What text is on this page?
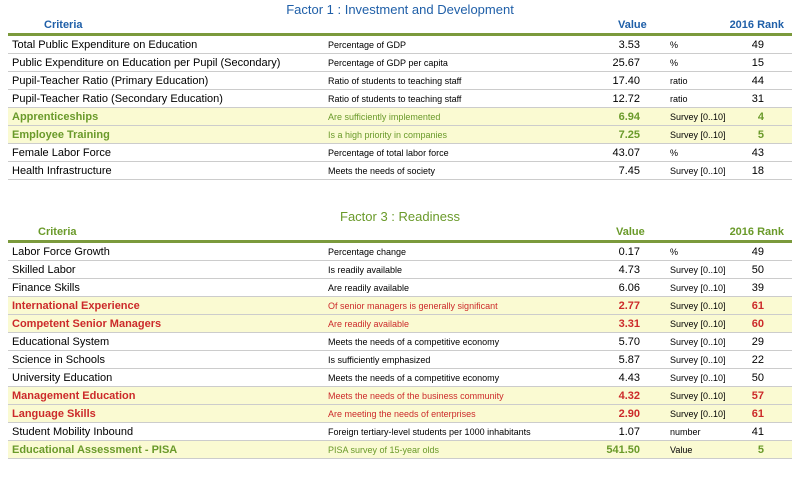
Factor 1 : Investment and Development
Criteria	Value	2016 Rank
Total Public Expenditure on Education	Percentage of GDP	3.53	%	49
Public Expenditure on Education per Pupil (Secondary)	Percentage of GDP per capita	25.67	%	15
Pupil-Teacher Ratio (Primary Education)	Ratio of students to teaching staff	17.40	ratio	44
Pupil-Teacher Ratio (Secondary Education)	Ratio of students to teaching staff	12.72	ratio	31
Apprenticeships	Are sufficiently implemented	6.94	Survey [0..10]	4
Employee Training	Is a high priority in companies	7.25	Survey [0..10]	5
Female Labor Force	Percentage of total labor force	43.07	%	43
Health Infrastructure	Meets the needs of society	7.45	Survey [0..10] 18
Factor 3 : Readiness
Criteria	Value	2016 Rank
Labor Force Growth	Percentage change	0.17	%	49
Skilled Labor	Is readily available	4.73	Survey [0..10] 50
Finance Skills	Are readily available	6.06	Survey [0..10] 39
International Experience	Of senior managers is generally significant	2.77	Survey [0..10] 61
Competent Senior Managers	Are readily available	3.31	Survey [0..10] 60
Educational System	Meets the needs of a competitive economy	5.70	Survey [0..10] 29
Science in Schools	Is sufficiently emphasized	5.87	Survey [0..10] 22
University Education	Meets the needs of a competitive economy	4.43	Survey [0..10] 50
Management Education	Meets the needs of the business community	4.32	Survey [0..10] 57
Language Skills	Are meeting the needs of enterprises	2.90	Survey [0..10] 61
Student Mobility Inbound	Foreign tertiary-level students per 1000 inhabitants	1.07	number	41
Educational Assessment - PISA	PISA survey of 15-year olds	541.50	Value	5
